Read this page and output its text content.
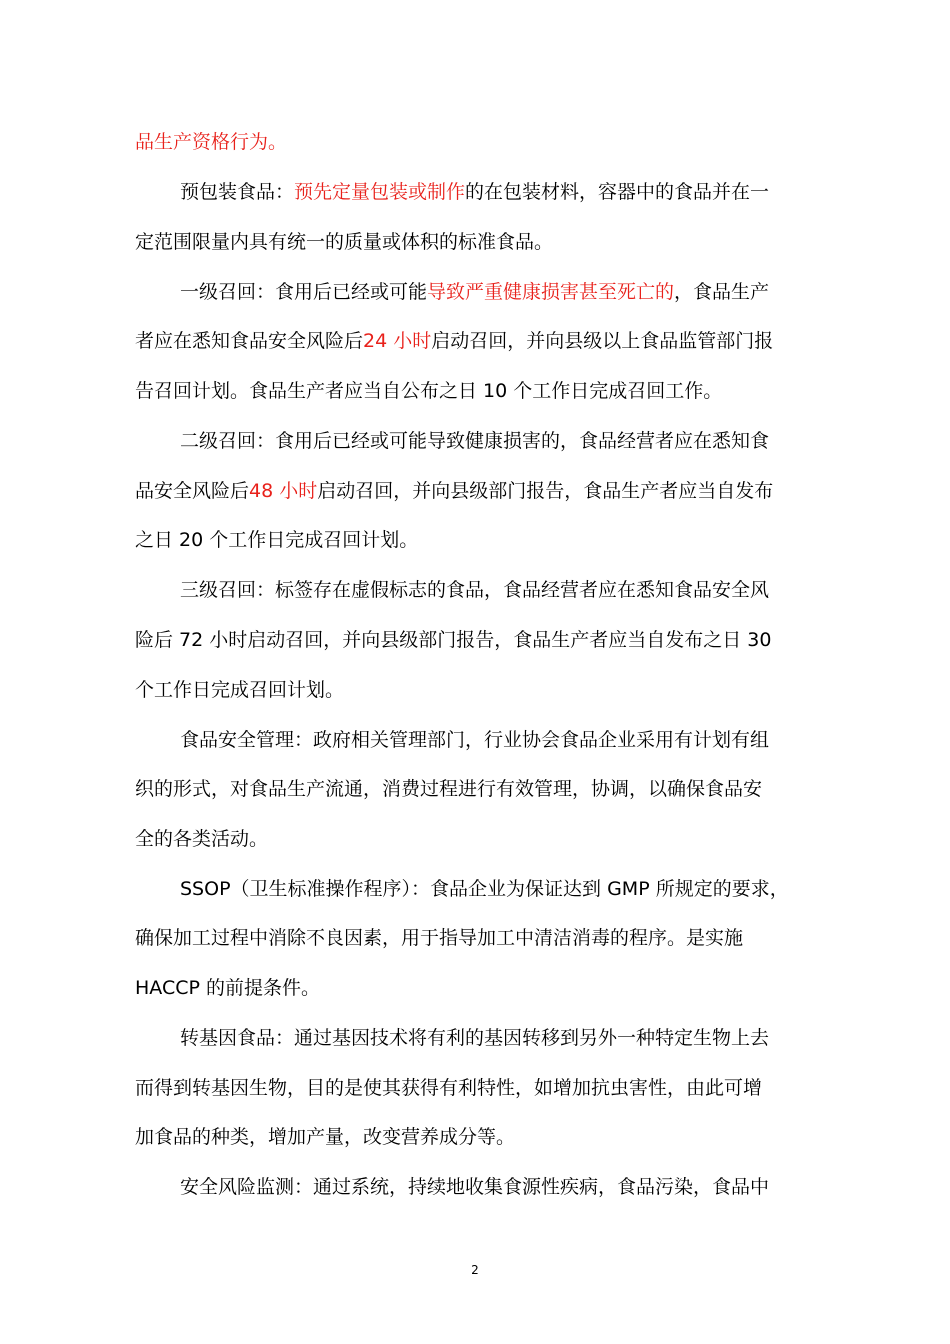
品生产资格行为。
预包装食品：预先定量包装或制作的在包装材料，容器中的食品并在一
定范围限量内具有统一的质量或体积的标准食品。
一级召回：食用后已经或可能导致严重健康损害甚至死亡的，食品生产
者应在悉知食品安全风险后24 小时启动召回，并向县级以上食品监管部门报
告召回计划。食品生产者应当自公布之日 10 个工作日完成召回工作。
二级召回：食用后已经或可能导致健康损害的，食品经营者应在悉知食
品安全风险后48 小时启动召回，并向县级部门报告，食品生产者应当自发布
之日 20 个工作日完成召回计划。
三级召回：标签存在虚假标志的食品，食品经营者应在悉知食品安全风
险后 72 小时启动召回，并向县级部门报告，食品生产者应当自发布之日 30
个工作日完成召回计划。
食品安全管理：政府相关管理部门，行业协会食品企业采用有计划有组
织的形式，对食品生产流通，消费过程进行有效管理，协调，以确保食品安
全的各类活动。
SSOP（卫生标准操作程序）：食品企业为保证达到 GMP 所规定的要求，
确保加工过程中消除不良因素，用于指导加工中清洁消毒的程序。是实施
HACCP 的前提条件。
转基因食品：通过基因技术将有利的基因转移到另外一种特定生物上去
而得到转基因生物，目的是使其获得有利特性，如增加抗虫害性，由此可增
加食品的种类，增加产量，改变营养成分等。
安全风险监测：通过系统，持续地收集食源性疾病，食品污染，食品中
2
